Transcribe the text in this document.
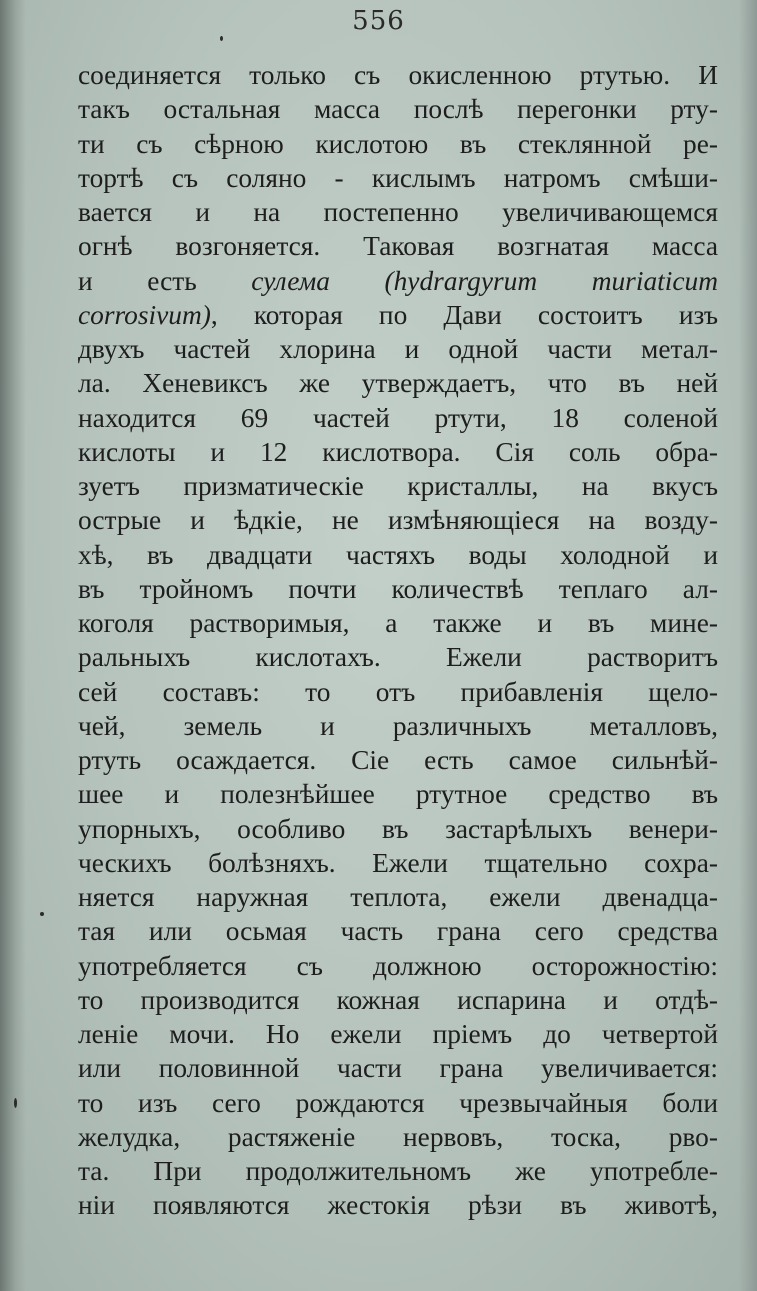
556
соединяется только съ окисленною ртутью. И
такъ остальная масса послѣ перегонки рту-
ти съ сѣрною кислотою въ стеклянной ре-
тортѣ съ соляно - кислымъ натромъ смѣши-
вается и на постепенно увеличивающемся
огнѣ возгоняется. Таковая возгнатая масса
и есть сулема (hydrargyrum muriaticum
corrosivum), которая по Дави состоитъ изъ
двухъ частей хлорина и одной части метал-
ла. Хеневиксъ же утверждаетъ, что въ ней
находится 69 частей ртути, 18 соленой
кислоты и 12 кислотвора. Сія соль обра-
зуетъ призматическіе кристаллы, на вкусъ
острые и ѣдкіе, не измѣняющіеся на возду-
хѣ, въ двадцати частяхъ воды холодной и
въ тройномъ почти количествѣ теплаго ал-
коголя растворимыя, а также и въ мине-
ральныхъ кислотахъ. Ежели растворитъ
сей составъ: то отъ прибавленія щело-
чей, земель и различныхъ металловъ,
ртуть осаждается. Сіе есть самое сильнѣй-
шее и полезнѣйшее ртутное средство въ
упорныхъ, особливо въ застарѣлыхъ венери-
ческихъ болѣзняхъ. Ежели тщательно сохра-
няется наружная теплота, ежели двенадца-
тая или осьмая часть грана сего средства
употребляется съ должною осторожностію:
то производится кожная испарина и отдѣ-
леніе мочи. Но ежели пріемъ до четвертой
или половинной части грана увеличивается:
то изъ сего рождаются чрезвычайныя боли
желудка, растяженіе нервовъ, тоска, рво-
та. При продолжительномъ же употребле-
ніи появляются жестокія рѣзи въ животѣ,
